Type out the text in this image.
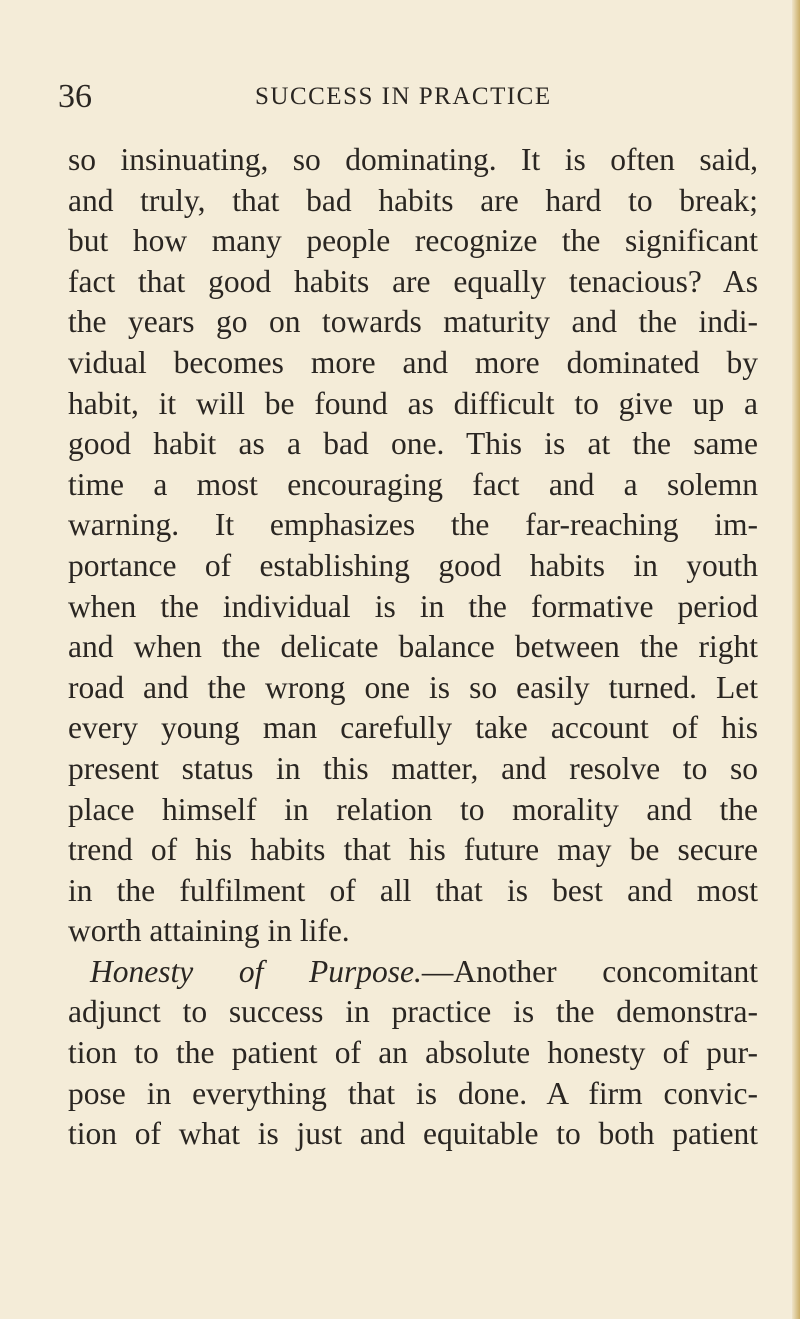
36	SUCCESS IN PRACTICE
so insinuating, so dominating. It is often said,
and truly, that bad habits are hard to break;
but how many people recognize the significant
fact that good habits are equally tenacious? As
the years go on towards maturity and the indi-
vidual becomes more and more dominated by
habit, it will be found as difficult to give up a
good habit as a bad one. This is at the same
time a most encouraging fact and a solemn
warning. It emphasizes the far-reaching im-
portance of establishing good habits in youth
when the individual is in the formative period
and when the delicate balance between the right
road and the wrong one is so easily turned. Let
every young man carefully take account of his
present status in this matter, and resolve to so
place himself in relation to morality and the
trend of his habits that his future may be secure
in the fulfilment of all that is best and most
worth attaining in life.
Honesty of Purpose.—Another concomitant
adjunct to success in practice is the demonstra-
tion to the patient of an absolute honesty of pur-
pose in everything that is done. A firm convic-
tion of what is just and equitable to both patient
